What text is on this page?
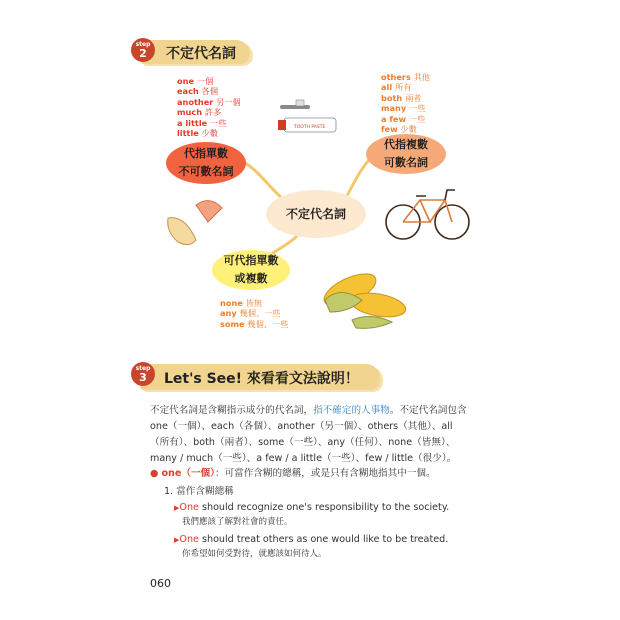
step
2	不定代名詞
TOOTH PASTE
不定代名詞
代指單數
不可數名詞
代指複數
可數名詞
可代指單數
或複數
one 一個
each 各個
another 另一個
much 許多
a little 一些
little 少數
others 其他
all 所有
both 兩者
many 一些
a few 一些
few 少數
none 皆無
any 幾個、一些
some 幾個、一些
step
3	Let's See! 來看看文法說明！
不定代名詞是含糊指示成分的代名詞，指不確定的人事物。不定代名詞包含
one（一個）、each（各個）、another（另一個）、others（其他）、all
（所有）、both（兩者）、some（一些）、any（任何）、none（皆無）、
many / much（一些）、a few / a little（一些）、few / little（很少）。
● one（一個）：可當作含糊的總稱，或是只有含糊地指其中一個。
1. 當作含糊總稱
▶One should recognize one's responsibility to the society.
我們應該了解對社會的責任。
▶One should treat others as one would like to be treated.
你希望如何受對待，就應該如何待人。
060
